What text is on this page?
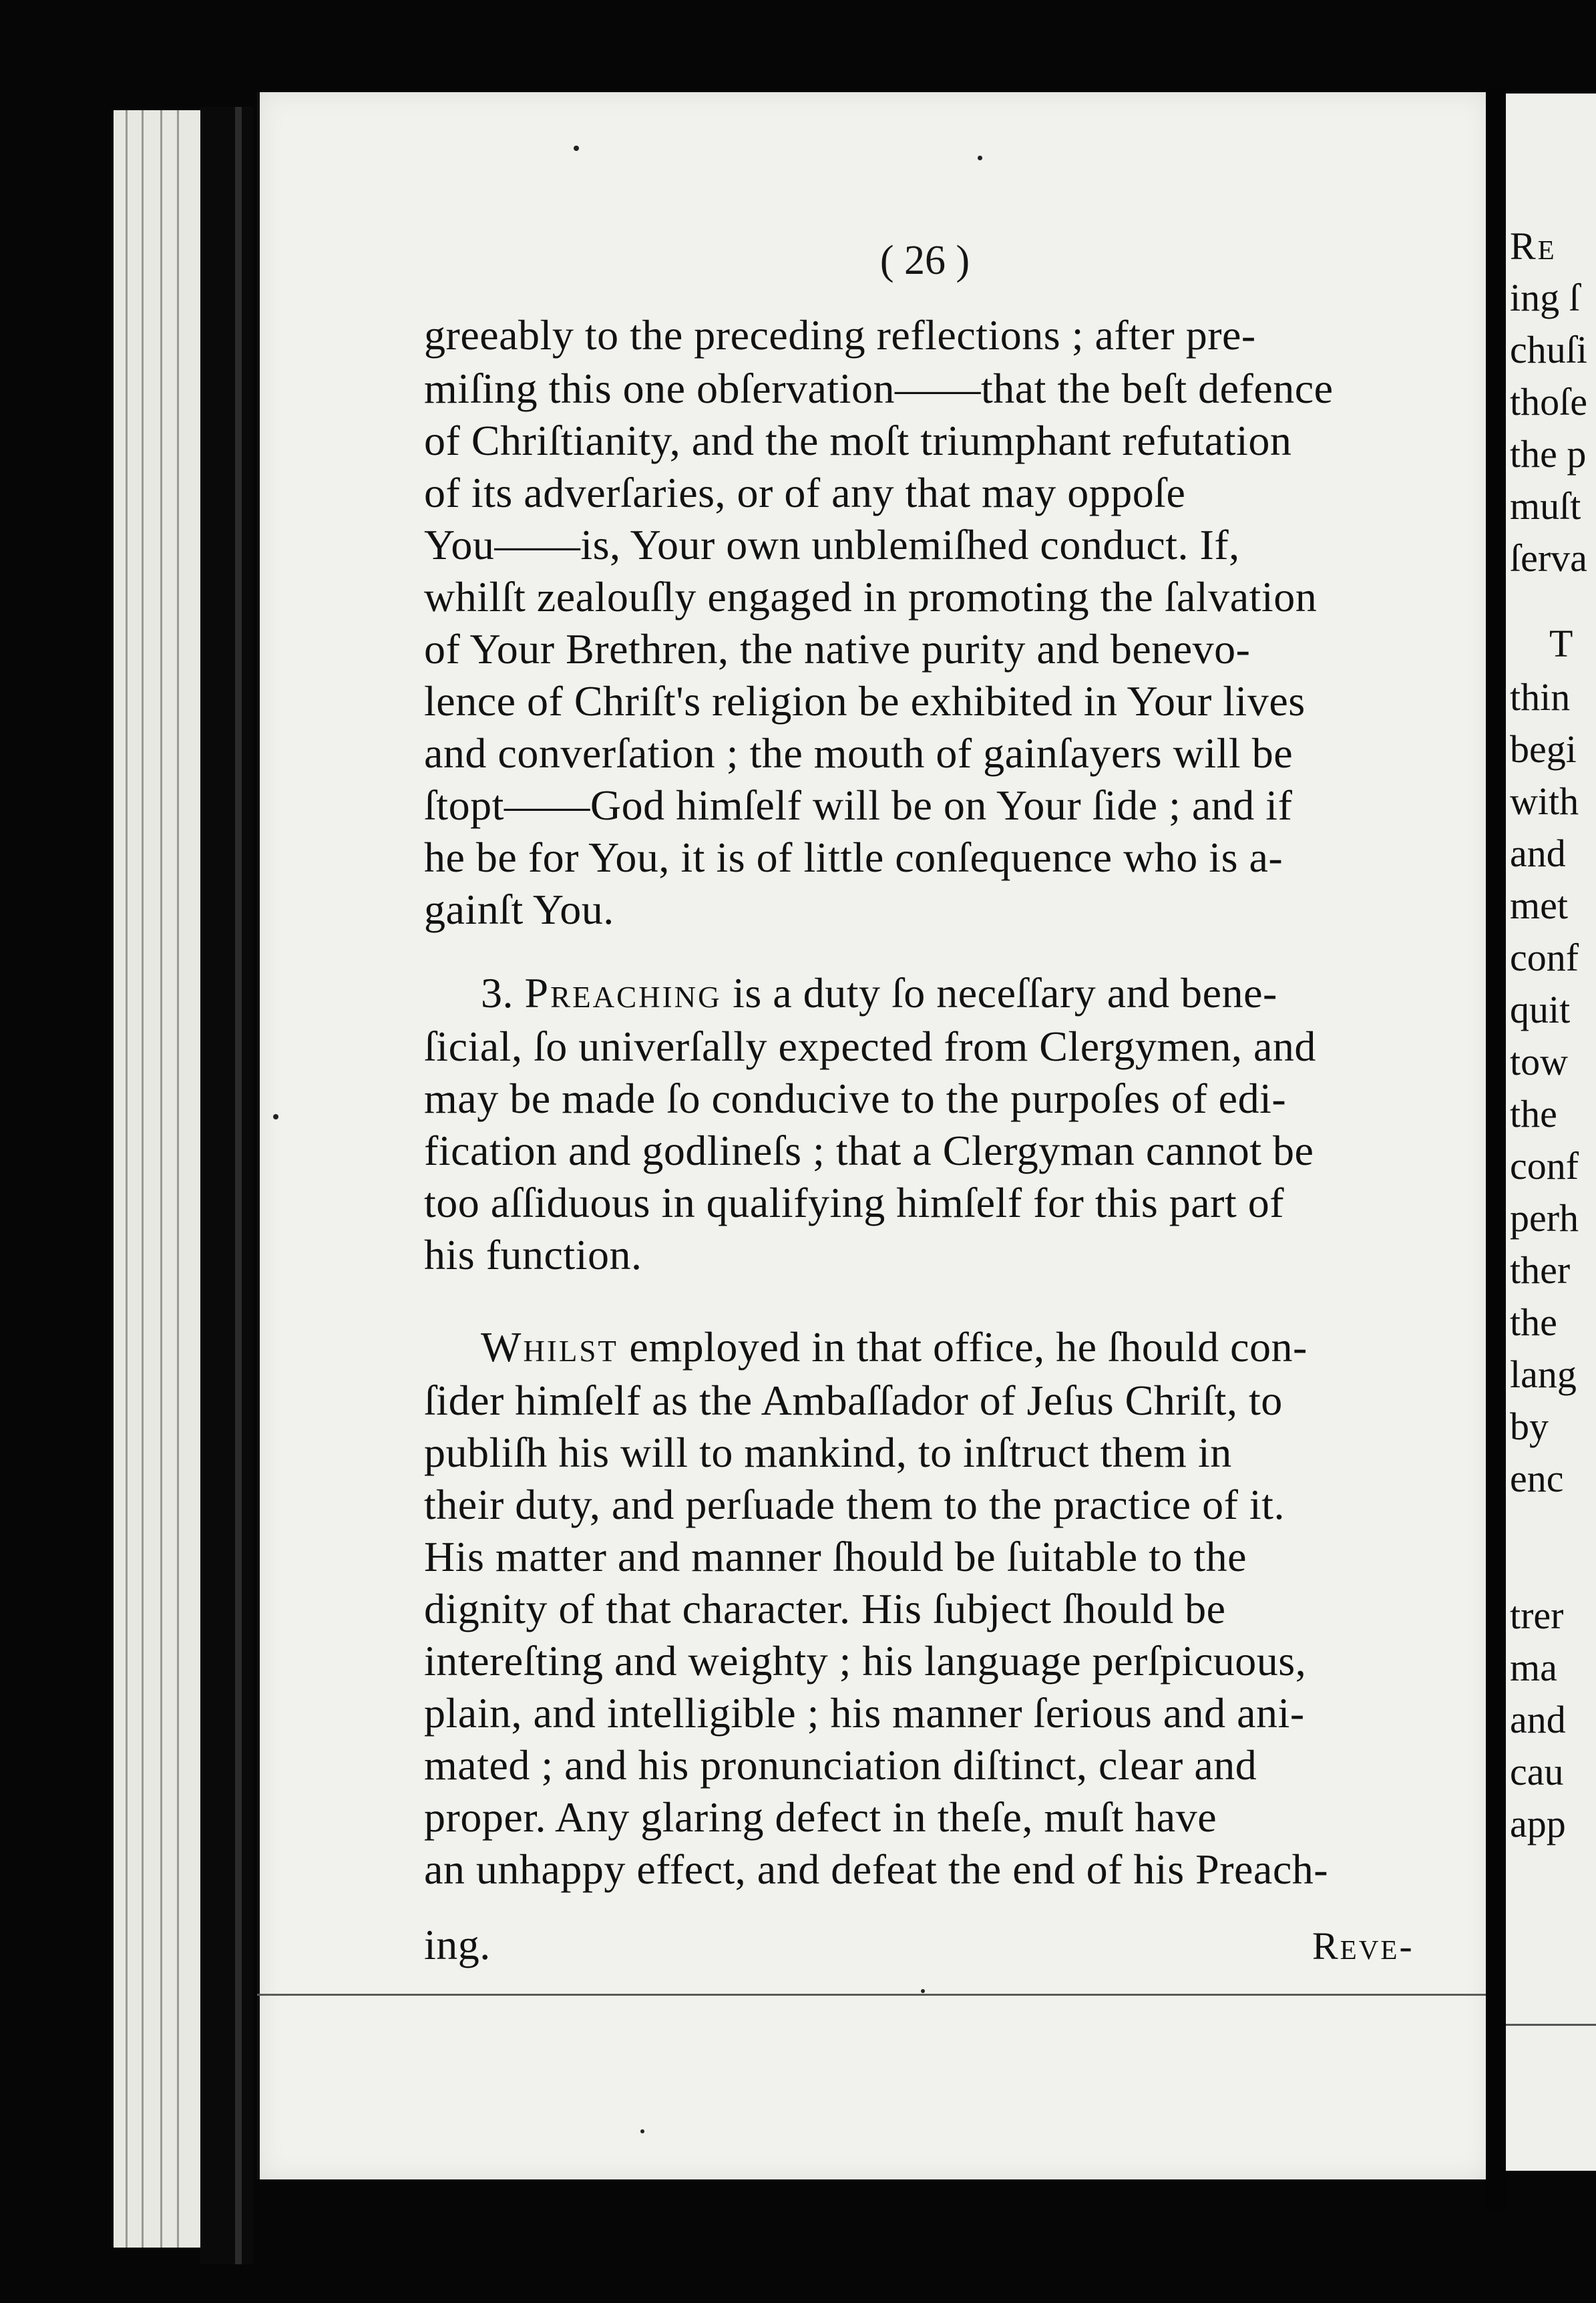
( 26 )
greeably to the preceding reflections ; after pre-
miſing this one obſervation——that the beſt defence
of Chriſtianity, and the moſt triumphant refutation
of its adverſaries, or of any that may oppoſe
You——is, Your own unblemiſhed conduct. If,
whilſt zealouſly engaged in promoting the ſalvation
of Your Brethren, the native purity and benevo-
lence of Chriſt's religion be exhibited in Your lives
and converſation ; the mouth of gainſayers will be
ſtopt——God himſelf will be on Your ſide ; and if
he be for You, it is of little conſequence who is a-
gainſt You.
3. Preaching is a duty ſo neceſſary and bene-
ſicial, ſo univerſally expected from Clergymen, and
may be made ſo conducive to the purpoſes of edi-
fication and godlineſs ; that a Clergyman cannot be
too aſſiduous in qualifying himſelf for this part of
his function.
Whilst employed in that office, he ſhould con-
ſider himſelf as the Ambaſſador of Jeſus Chriſt, to
publiſh his will to mankind, to inſtruct them in
their duty, and perſuade them to the practice of it.
His matter and manner ſhould be ſuitable to the
dignity of that character. His ſubject ſhould be
intereſting and weighty ; his language perſpicuous,
plain, and intelligible ; his manner ſerious and ani-
mated ; and his pronunciation diſtinct, clear and
proper. Any glaring defect in theſe, muſt have
an unhappy effect, and defeat the end of his Preach-
ing.	Reve-
Re
ing ſ
chuſi
thoſe
the p
muſt
ſerva
T
thin
begi
with
and
met
conf
quit
tow
the
conf
perh
ther
the
lang
by
enc
trer
ma
and
cau
app
